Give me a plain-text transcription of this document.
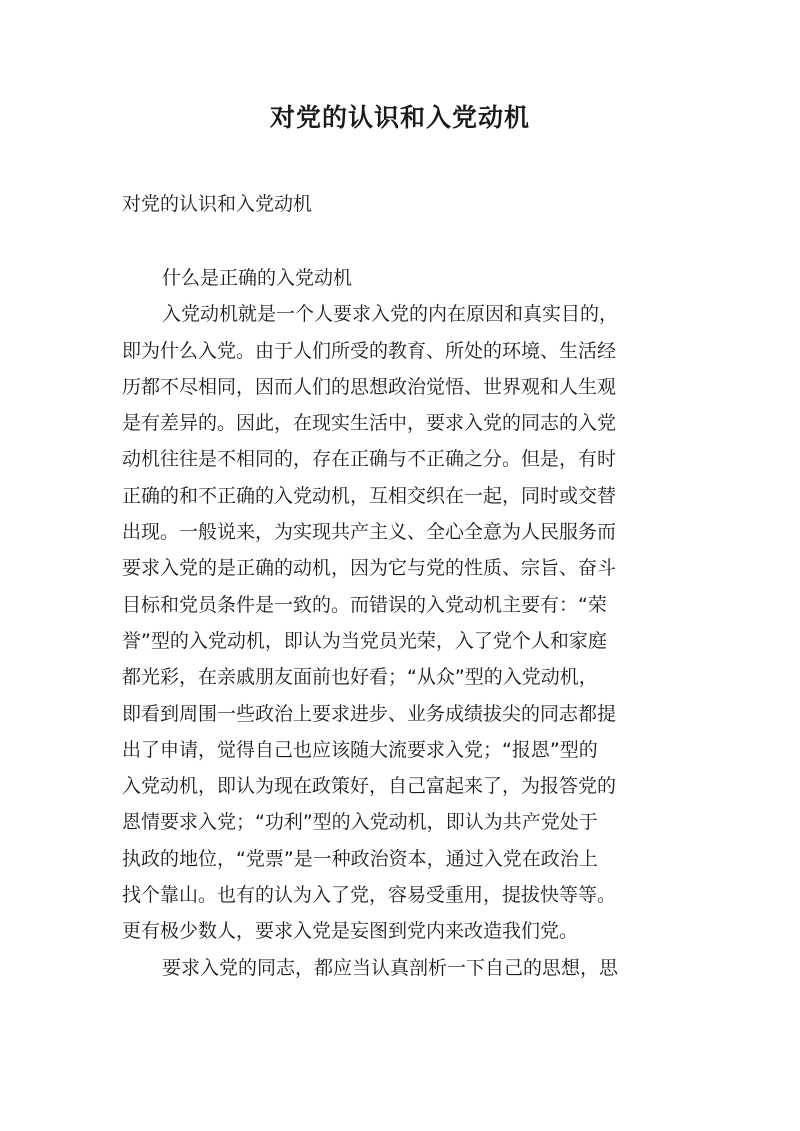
对党的认识和入党动机
对党的认识和入党动机
什么是正确的入党动机
入党动机就是一个人要求入党的内在原因和真实目的，
即为什么入党。由于人们所受的教育、所处的环境、生活经
历都不尽相同，因而人们的思想政治觉悟、世界观和人生观
是有差异的。因此，在现实生活中，要求入党的同志的入党
动机往往是不相同的，存在正确与不正确之分。但是，有时
正确的和不正确的入党动机，互相交织在一起，同时或交替
出现。一般说来，为实现共产主义、全心全意为人民服务而
要求入党的是正确的动机，因为它与党的性质、宗旨、奋斗
目标和党员条件是一致的。而错误的入党动机主要有：“荣
誉”型的入党动机，即认为当党员光荣，入了党个人和家庭
都光彩，在亲戚朋友面前也好看；“从众”型的入党动机，
即看到周围一些政治上要求进步、业务成绩拔尖的同志都提
出了申请，觉得自己也应该随大流要求入党；“报恩”型的
入党动机，即认为现在政策好，自己富起来了，为报答党的
恩情要求入党；“功利”型的入党动机，即认为共产党处于
执政的地位，“党票”是一种政治资本，通过入党在政治上
找个靠山。也有的认为入了党，容易受重用，提拔快等等。
更有极少数人，要求入党是妄图到党内来改造我们党。
要求入党的同志，都应当认真剖析一下自己的思想，思
